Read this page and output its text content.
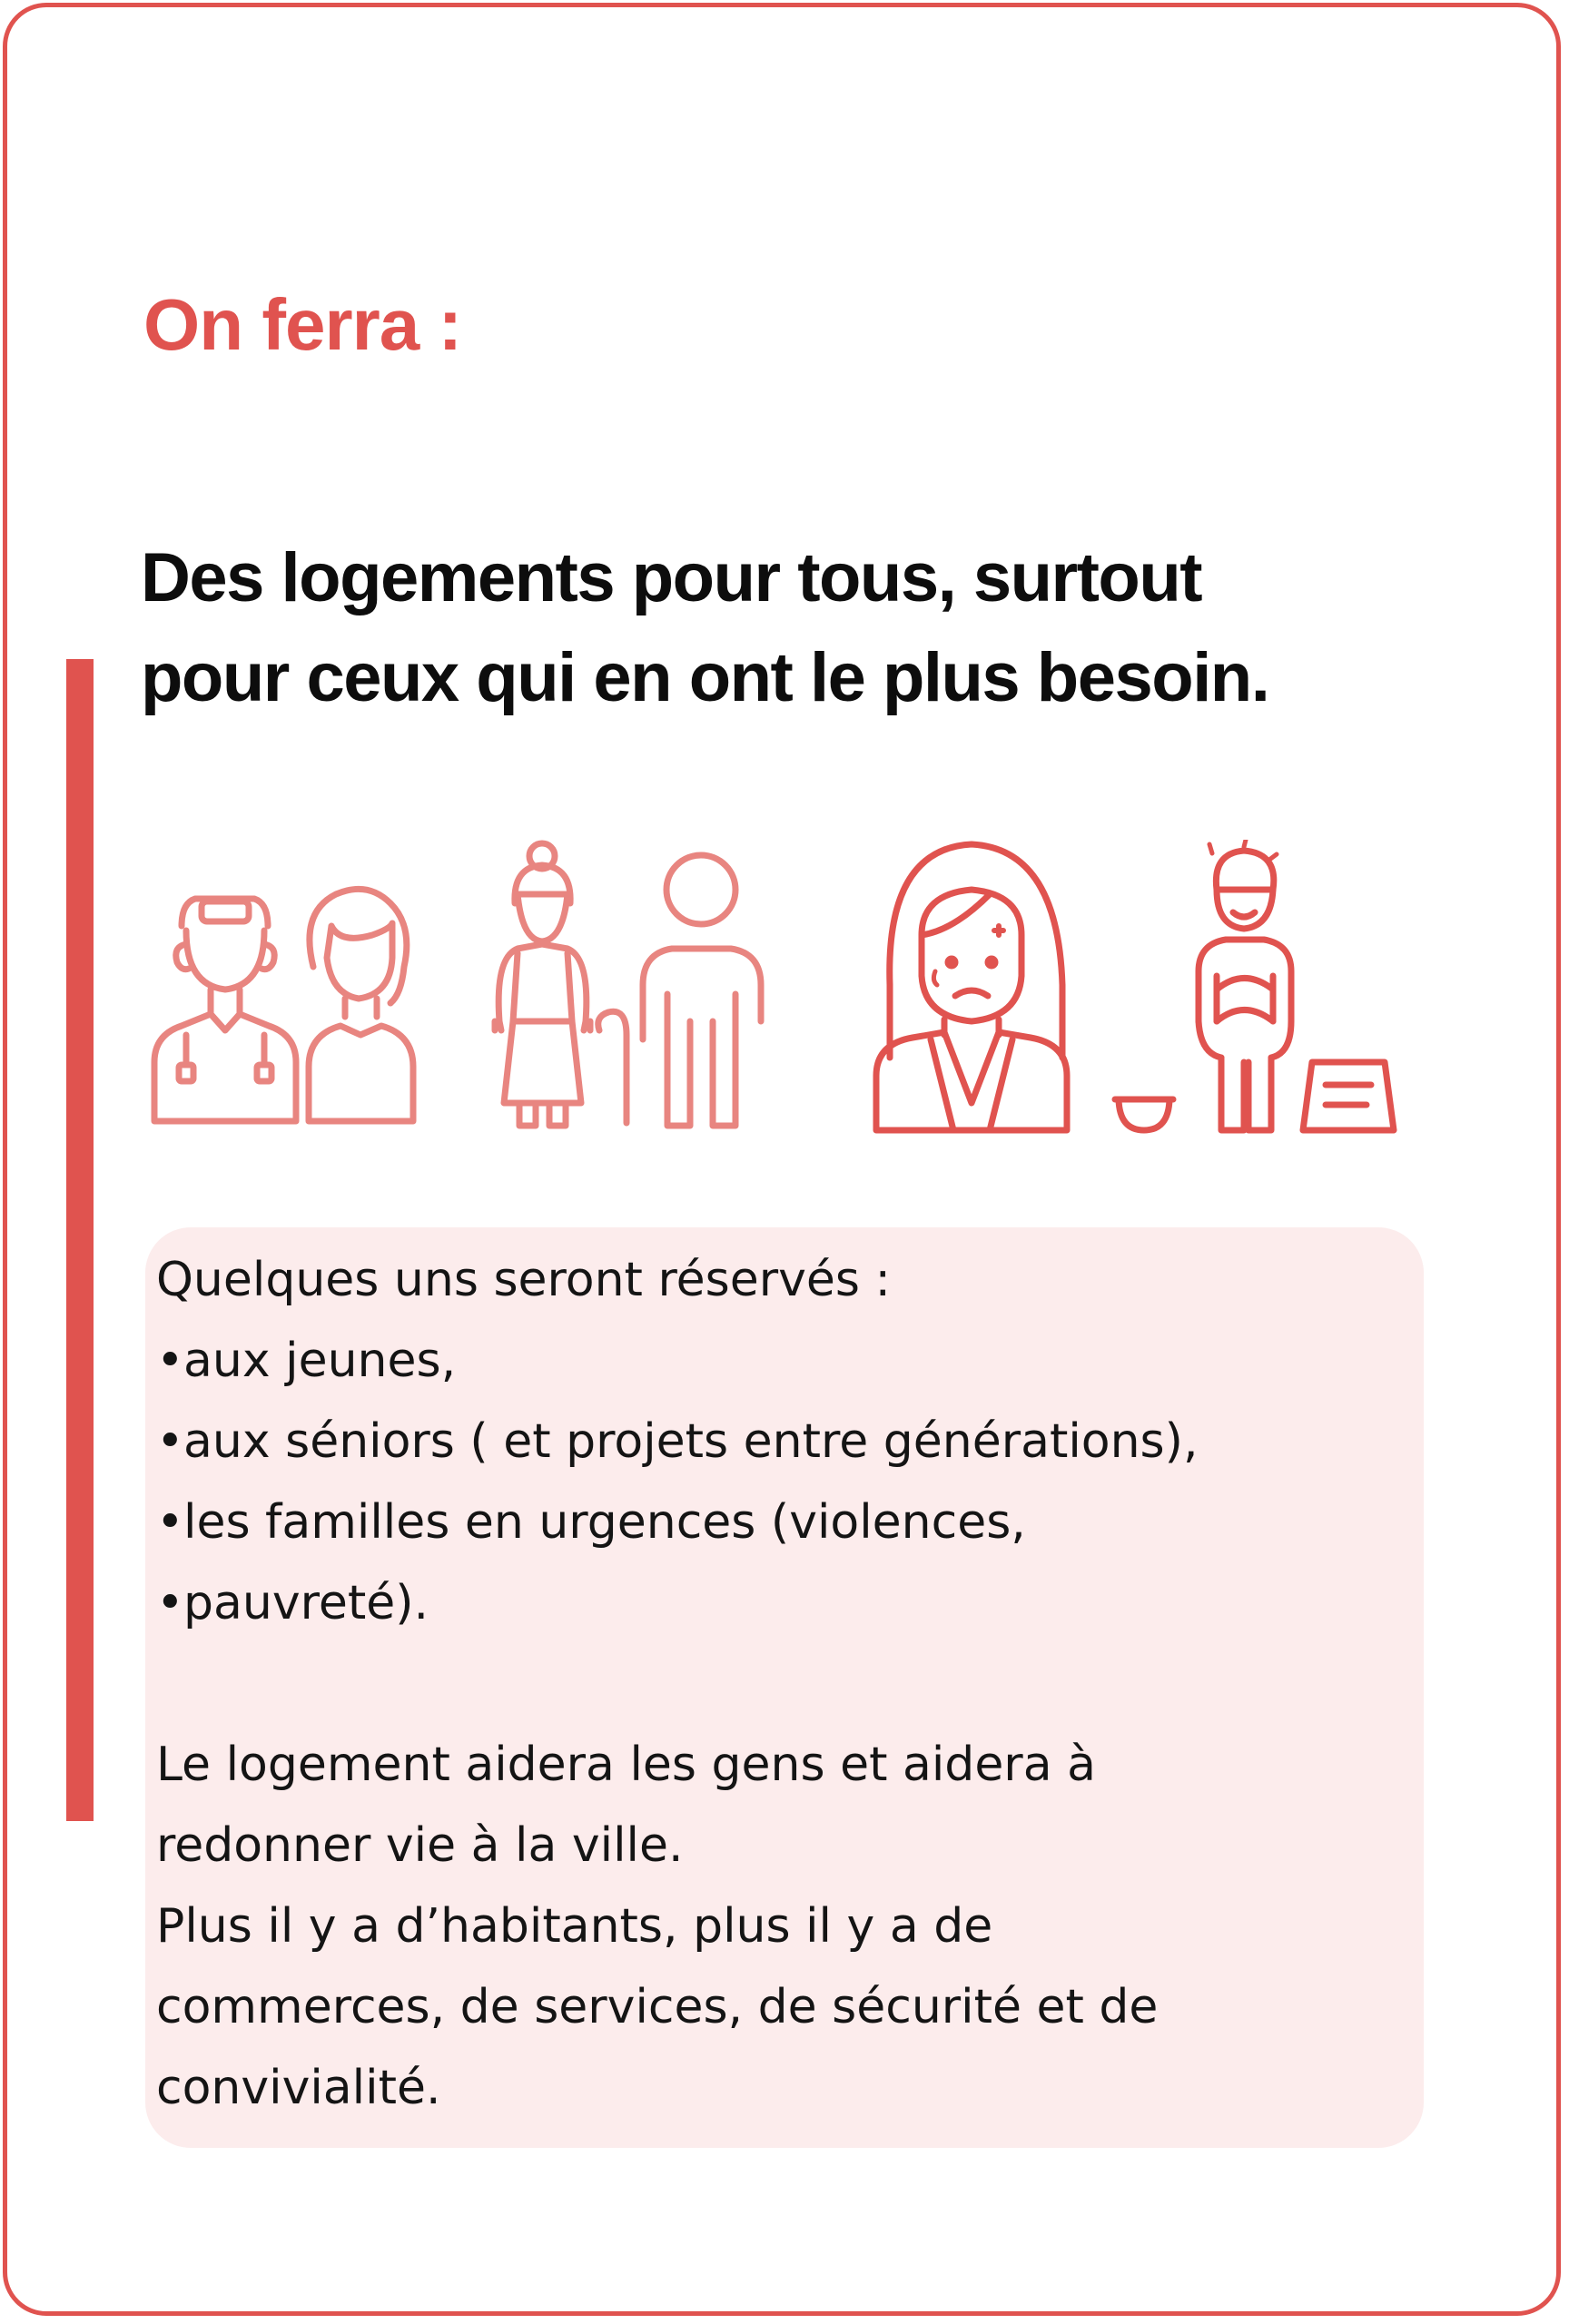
On ferra :
Des logements pour tous, surtout
pour ceux qui en ont le plus besoin.

Quelques uns seront réservés :

•aux jeunes,

•aux séniors ( et projets entre générations),

•les familles en urgences (violences,

•pauvreté).

Le logement aidera les gens et aidera à

redonner vie à la ville.

Plus il y a d’habitants, plus il y a de

commerces, de services, de sécurité et de

convivialité.
